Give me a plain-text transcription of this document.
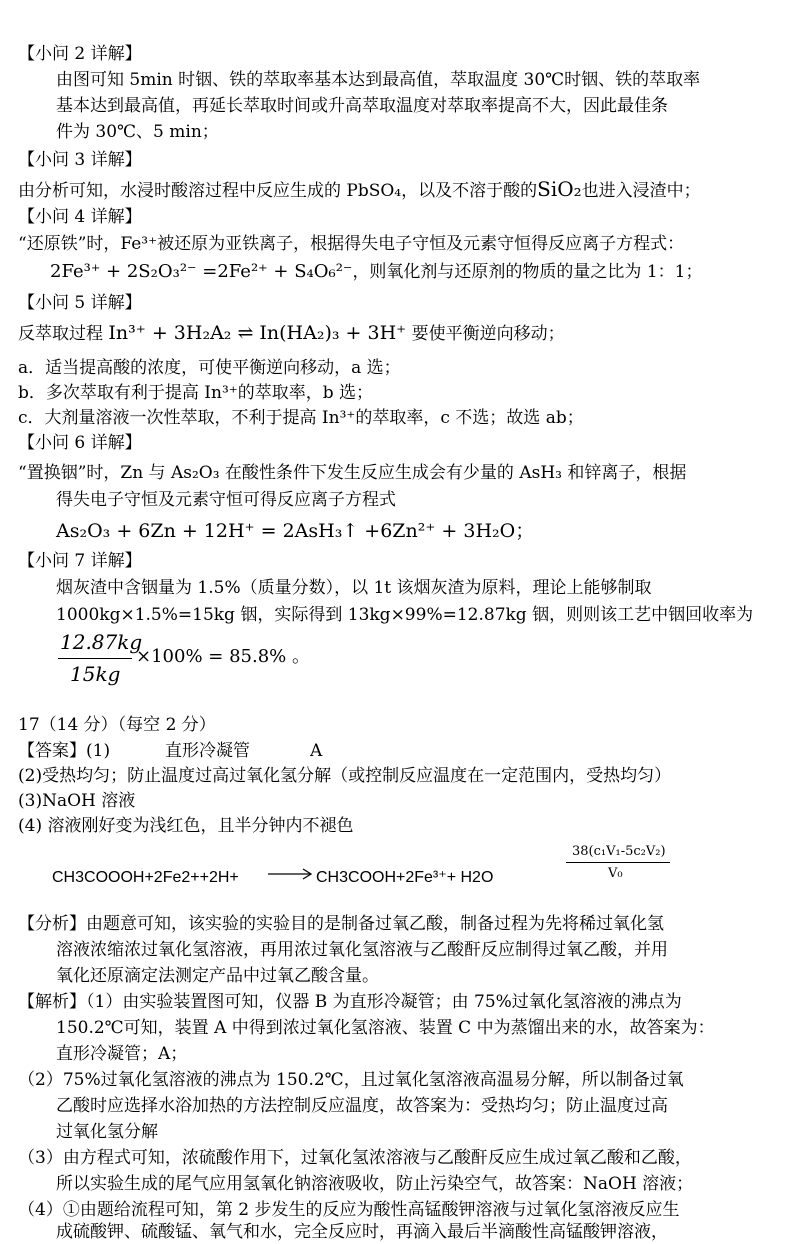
【小问 2 详解】
由图可知 5min 时铟、铁的萃取率基本达到最高值，萃取温度 30℃时铟、铁的萃取率
基本达到最高值，再延长萃取时间或升高萃取温度对萃取率提高不大，因此最佳条
件为 30℃、5 min；
【小问 3 详解】
由分析可知，水浸时酸溶过程中反应生成的 PbSO₄，以及不溶于酸的SiO₂也进入浸渣中；
【小问 4 详解】
“还原铁”时，Fe³⁺被还原为亚铁离子，根据得失电子守恒及元素守恒得反应离子方程式：
2Fe³⁺ + 2S₂O₃²⁻ =2Fe²⁺ + S₄O₆²⁻，则氧化剂与还原剂的物质的量之比为 1：1；
【小问 5 详解】
反萃取过程 In³⁺ + 3H₂A₂ ⇌ In(HA₂)₃ + 3H⁺ 要使平衡逆向移动；
a．适当提高酸的浓度，可使平衡逆向移动，a 选；
b．多次萃取有利于提高 In³⁺的萃取率，b 选；
c．大剂量溶液一次性萃取，不利于提高 In³⁺的萃取率，c 不选；故选 ab；
【小问 6 详解】
“置换铟”时，Zn 与 As₂O₃ 在酸性条件下发生反应生成会有少量的 AsH₃ 和锌离子，根据
得失电子守恒及元素守恒可得反应离子方程式
As₂O₃ + 6Zn + 12H⁺ = 2AsH₃↑ +6Zn²⁺ + 3H₂O；
【小问 7 详解】
烟灰渣中含铟量为 1.5%（质量分数），以 1t 该烟灰渣为原料，理论上能够制取
1000kg×1.5%=15kg 铟，实际得到 13kg×99%=12.87kg 铟，则则该工艺中铟回收率为
12.87kg
15kg
×100% = 85.8% 。
17（14 分）（每空 2 分）
【答案】(1)	直形冷凝管	A
(2)受热均匀；防止温度过高过氧化氢分解（或控制反应温度在一定范围内，受热均匀）
(3)NaOH 溶液
(4) 溶液刚好变为浅红色，且半分钟内不褪色
38(c₁V₁-5c₂V₂)
V₀
CH3COOOH+2Fe2++2H+ → CH3COOH+2Fe³⁺+ H2O
【分析】由题意可知，该实验的实验目的是制备过氧乙酸，制备过程为先将稀过氧化氢
溶液浓缩浓过氧化氢溶液，再用浓过氧化氢溶液与乙酸酐反应制得过氧乙酸，并用
氧化还原滴定法测定产品中过氧乙酸含量。
【解析】（1）由实验装置图可知，仪器 B 为直形冷凝管；由 75%过氧化氢溶液的沸点为
150.2℃可知，装置 A 中得到浓过氧化氢溶液、装置 C 中为蒸馏出来的水，故答案为：
直形冷凝管；A；
（2）75%过氧化氢溶液的沸点为 150.2℃，且过氧化氢溶液高温易分解，所以制备过氧
乙酸时应选择水浴加热的方法控制反应温度，故答案为：受热均匀；防止温度过高
过氧化氢分解
（3）由方程式可知，浓硫酸作用下，过氧化氢浓溶液与乙酸酐反应生成过氧乙酸和乙酸，
所以实验生成的尾气应用氢氧化钠溶液吸收，防止污染空气，故答案：NaOH 溶液；
（4）①由题给流程可知，第 2 步发生的反应为酸性高锰酸钾溶液与过氧化氢溶液反应生
成硫酸钾、硫酸锰、氧气和水，完全反应时，再滴入最后半滴酸性高锰酸钾溶液，
